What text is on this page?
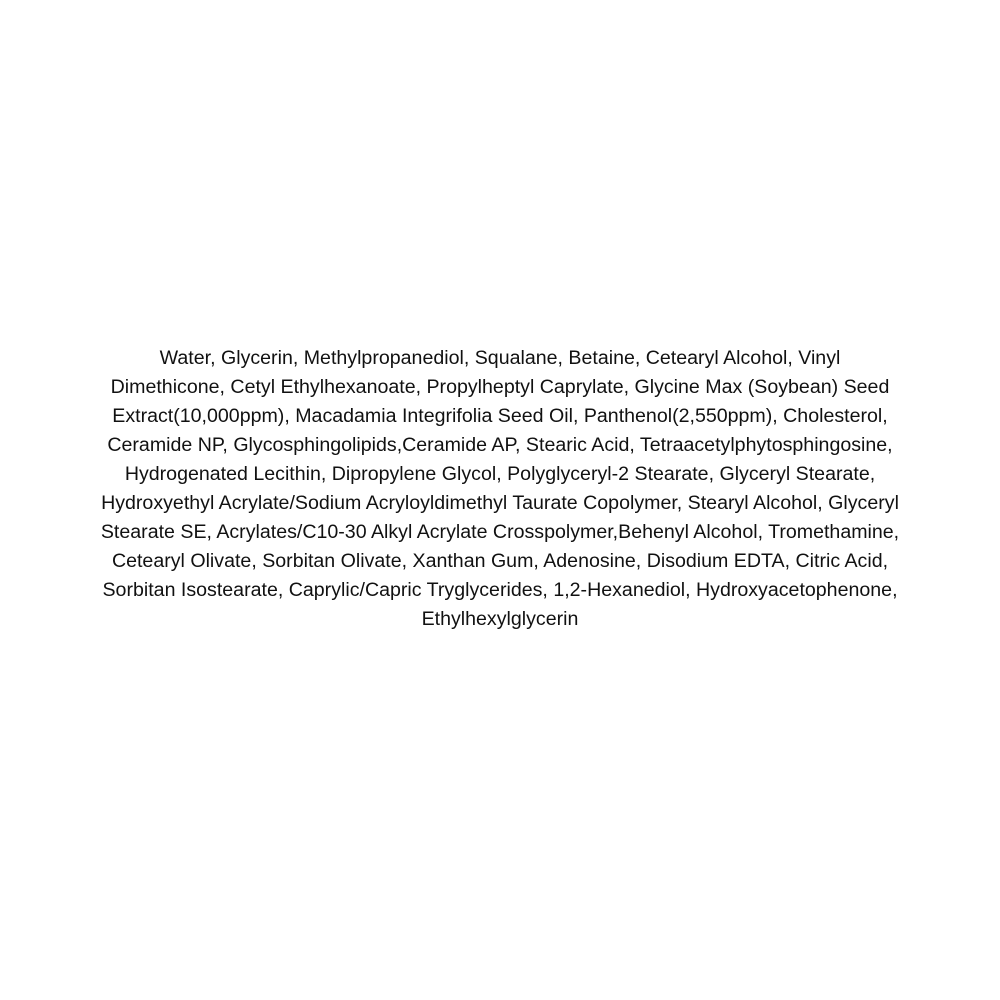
Water, Glycerin, Methylpropanediol, Squalane, Betaine, Cetearyl Alcohol, Vinyl Dimethicone, Cetyl Ethylhexanoate, Propylheptyl Caprylate, Glycine Max (Soybean) Seed Extract(10,000ppm), Macadamia Integrifolia Seed Oil, Panthenol(2,550ppm), Cholesterol, Ceramide NP, Glycosphingolipids,Ceramide AP, Stearic Acid, Tetraacetylphytosphingosine, Hydrogenated Lecithin, Dipropylene Glycol, Polyglyceryl-2 Stearate, Glyceryl Stearate, Hydroxyethyl Acrylate/Sodium Acryloyldimethyl Taurate Copolymer, Stearyl Alcohol, Glyceryl Stearate SE, Acrylates/C10-30 Alkyl Acrylate Crosspolymer,Behenyl Alcohol, Tromethamine, Cetearyl Olivate, Sorbitan Olivate, Xanthan Gum, Adenosine, Disodium EDTA, Citric Acid, Sorbitan Isostearate, Caprylic/Capric Tryglycerides, 1,2-Hexanediol, Hydroxyacetophenone, Ethylhexylglycerin
